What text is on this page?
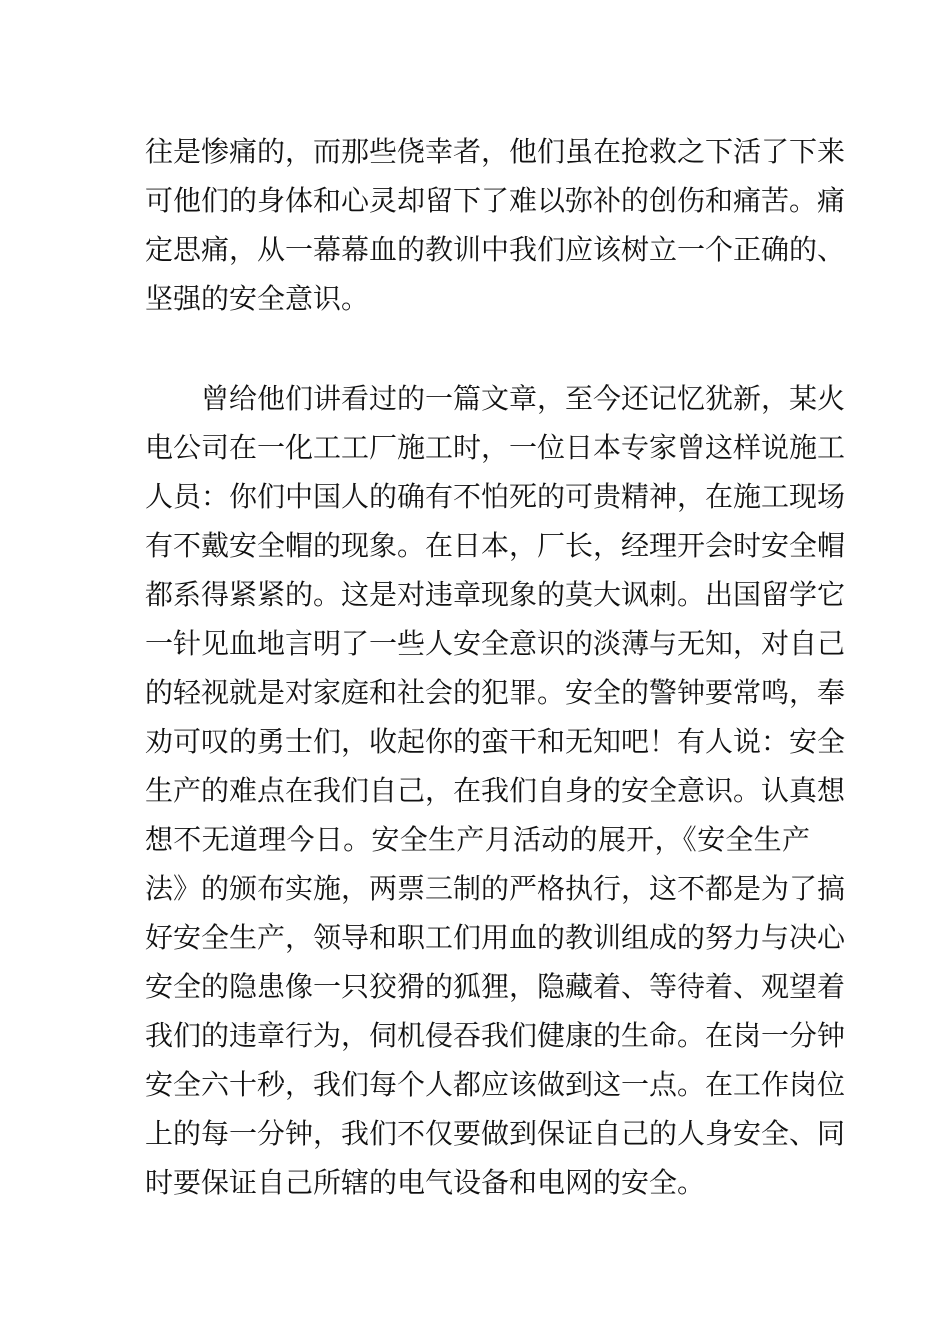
往是惨痛的，而那些侥幸者，他们虽在抢救之下活了下来
可他们的身体和心灵却留下了难以弥补的创伤和痛苦。痛
定思痛，从一幕幕血的教训中我们应该树立一个正确的、
坚强的安全意识。
曾给他们讲看过的一篇文章，至今还记忆犹新，某火
电公司在一化工工厂施工时，一位日本专家曾这样说施工
人员：你们中国人的确有不怕死的可贵精神，在施工现场
有不戴安全帽的现象。在日本，厂长，经理开会时安全帽
都系得紧紧的。这是对违章现象的莫大讽刺。出国留学它
一针见血地言明了一些人安全意识的淡薄与无知，对自己
的轻视就是对家庭和社会的犯罪。安全的警钟要常鸣，奉
劝可叹的勇士们，收起你的蛮干和无知吧！有人说：安全
生产的难点在我们自己，在我们自身的安全意识。认真想
想不无道理今日。安全生产月活动的展开，《安全生产
法》的颁布实施，两票三制的严格执行，这不都是为了搞
好安全生产，领导和职工们用血的教训组成的努力与决心
安全的隐患像一只狡猾的狐狸，隐藏着、等待着、观望着
我们的违章行为，伺机侵吞我们健康的生命。在岗一分钟
安全六十秒，我们每个人都应该做到这一点。在工作岗位
上的每一分钟，我们不仅要做到保证自己的人身安全、同
时要保证自己所辖的电气设备和电网的安全。
